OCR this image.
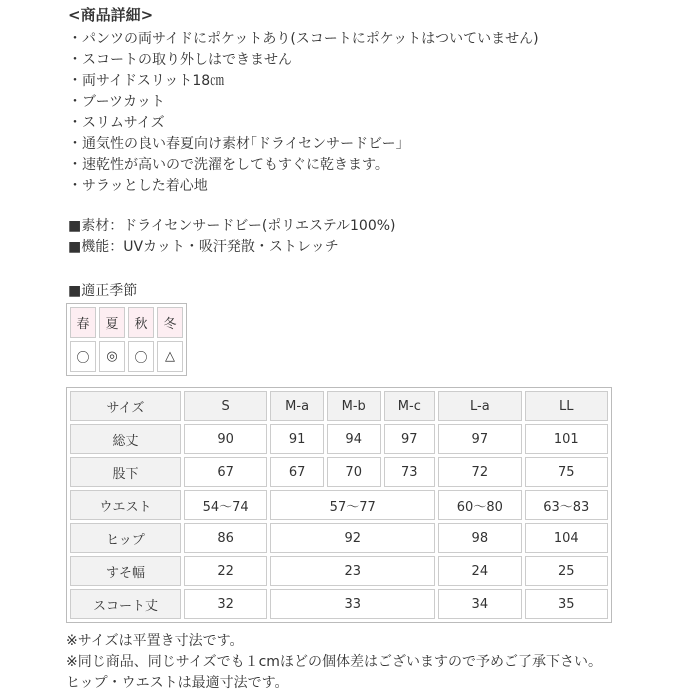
<商品詳細>
・パンツの両サイドにポケットあり(スコートにポケットはついていません)
・スコートの取り外しはできません
・両サイドスリット18㎝
・ブーツカット
・スリムサイズ
・通気性の良い春夏向け素材｢ドライセンサードビー｣
・速乾性が高いので洗濯をしてもすぐに乾きます。
・サラッとした着心地
■素材：ドライセンサードビー(ポリエステル100%)
■機能：UVカット・吸汗発散・ストレッチ
■適正季節
春	夏	秋	冬
〇	◎	〇	△
サイズ	S	M-a	M-b	M-c	L-a	LL
総丈	90	91	94	97	97	101
股下	67	67	70	73	72	75
ウエスト	54〜74	57〜77			60〜80	63〜83
ヒップ	86	92			98	104
すそ幅	22	23			24	25
スコート丈	32	33			34	35
※サイズは平置き寸法です。
※同じ商品、同じサイズでも１cmほどの個体差はございますので予めご了承下さい。
ヒップ・ウエストは最適寸法です。
